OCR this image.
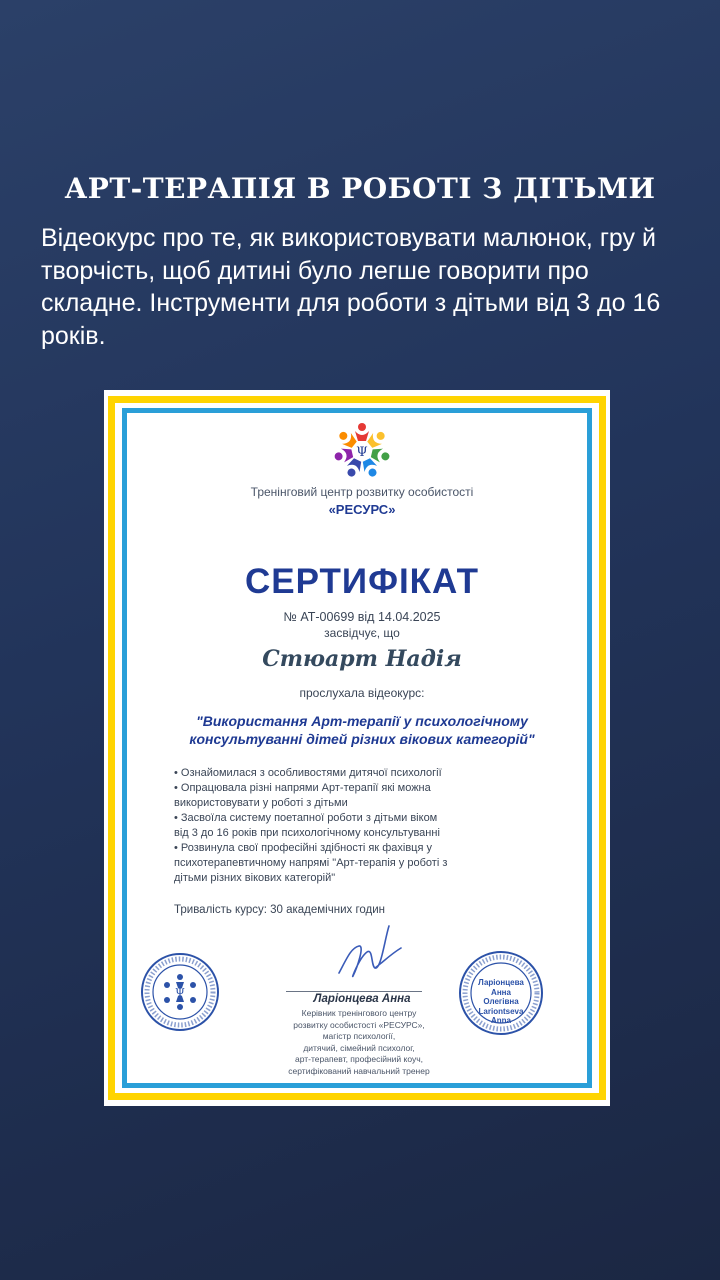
АРТ-ТЕРАПІЯ В РОБОТІ З ДІТЬМИ
Відеокурс про те, як використовувати малюнок, гру й творчість, щоб дитині було легше говорити про складне. Інструменти для роботи з дітьми від 3 до 16 років.
Ψ
Тренінговий центр розвитку особистості
«РЕСУРС»
СЕРТИФІКАТ
№ АТ-00699 від 14.04.2025
засвідчує, що
Стюарт Надія
прослухала відеокурс:
"Використання Арт-терапії у психологічному
консультуванні дітей різних вікових категорій"
• Ознайомилася з особливостями дитячої психології
• Опрацювала різні напрями Арт-терапії які можна
використовувати у роботі з дітьми
• Засвоїла систему поетапної роботи з дітьми віком
від 3 до 16 років при психологічному консультуванні
• Розвинула свої професійні здібності як фахівця у
психотерапевтичному напрямі "Арт-терапія у роботі з
дітьми різних вікових категорій"
Тривалість курсу: 30 академічних годин
Ларіонцева Анна
Керівник тренінгового центру
розвитку особистості «РЕСУРС»,
магістр психології,
дитячий, сімейний психолог,
арт-терапевт, професійний коуч,
сертифікований навчальний тренер
Ψ
Ларіонцева
Анна
Олегівна
Lariontseva
Anna
